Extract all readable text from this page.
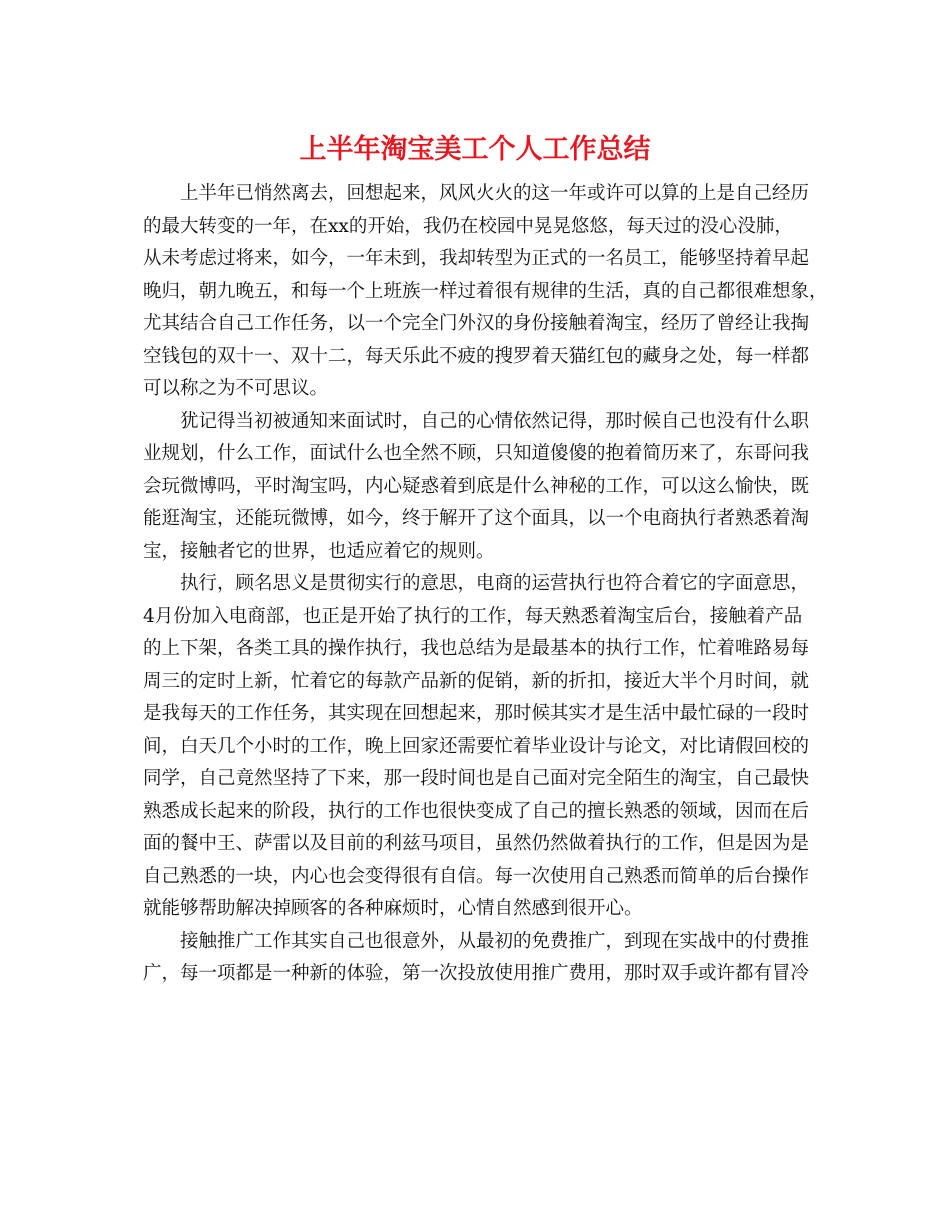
上半年淘宝美工个人工作总结

上半年已悄然离去，回想起来，风风火火的这一年或许可以算的上是自己经历
的最大转变的一年，在xx的开始，我仍在校园中晃晃悠悠，每天过的没心没肺，
从未考虑过将来，如今，一年未到，我却转型为正式的一名员工，能够坚持着早起
晚归，朝九晚五，和每一个上班族一样过着很有规律的生活，真的自己都很难想象，
尤其结合自己工作任务，以一个完全门外汉的身份接触着淘宝，经历了曾经让我掏
空钱包的双十一、双十二，每天乐此不疲的搜罗着天猫红包的藏身之处，每一样都
可以称之为不可思议。

犹记得当初被通知来面试时，自己的心情依然记得，那时候自己也没有什么职
业规划，什么工作，面试什么也全然不顾，只知道傻傻的抱着简历来了，东哥问我
会玩微博吗，平时淘宝吗，内心疑惑着到底是什么神秘的工作，可以这么愉快，既
能逛淘宝，还能玩微博，如今，终于解开了这个面具，以一个电商执行者熟悉着淘
宝，接触者它的世界，也适应着它的规则。

执行，顾名思义是贯彻实行的意思，电商的运营执行也符合着它的字面意思，
4月份加入电商部，也正是开始了执行的工作，每天熟悉着淘宝后台，接触着产品
的上下架，各类工具的操作执行，我也总结为是最基本的执行工作，忙着唯路易每
周三的定时上新，忙着它的每款产品新的促销，新的折扣，接近大半个月时间，就
是我每天的工作任务，其实现在回想起来，那时候其实才是生活中最忙碌的一段时
间，白天几个小时的工作，晚上回家还需要忙着毕业设计与论文，对比请假回校的
同学，自己竟然坚持了下来，那一段时间也是自己面对完全陌生的淘宝，自己最快
熟悉成长起来的阶段，执行的工作也很快变成了自己的擅长熟悉的领域，因而在后
面的餐中王、萨雷以及目前的利兹马项目，虽然仍然做着执行的工作，但是因为是
自己熟悉的一块，内心也会变得很有自信。每一次使用自己熟悉而简单的后台操作
就能够帮助解决掉顾客的各种麻烦时，心情自然感到很开心。

接触推广工作其实自己也很意外，从最初的免费推广，到现在实战中的付费推
广，每一项都是一种新的体验，第一次投放使用推广费用，那时双手或许都有冒冷
